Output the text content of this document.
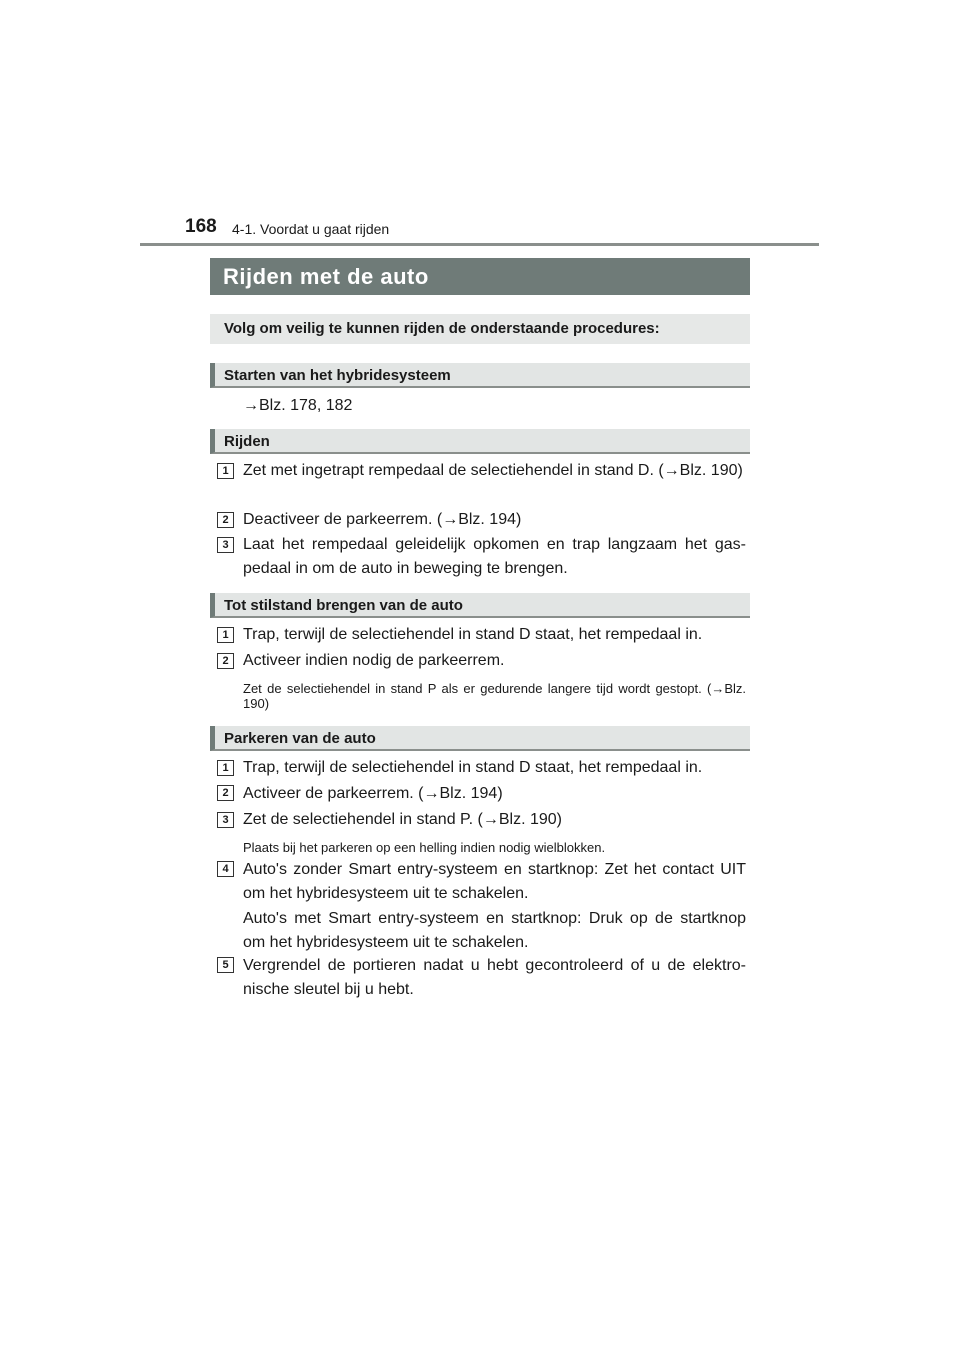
168 4-1. Voordat u gaat rijden
Rijden met de auto
Volg om veilig te kunnen rijden de onderstaande procedures:
Starten van het hybridesysteem
→Blz. 178, 182
Rijden
1 Zet met ingetrapt rempedaal de selectiehendel in stand D. (→Blz. 190)
2 Deactiveer de parkeerrem. (→Blz. 194)
3 Laat het rempedaal geleidelijk opkomen en trap langzaam het gas-pedaal in om de auto in beweging te brengen.
Tot stilstand brengen van de auto
1 Trap, terwijl de selectiehendel in stand D staat, het rempedaal in.
2 Activeer indien nodig de parkeerrem.
Zet de selectiehendel in stand P als er gedurende langere tijd wordt gestopt. (→Blz. 190)
Parkeren van de auto
1 Trap, terwijl de selectiehendel in stand D staat, het rempedaal in.
2 Activeer de parkeerrem. (→Blz. 194)
3 Zet de selectiehendel in stand P. (→Blz. 190)
Plaats bij het parkeren op een helling indien nodig wielblokken.
4 Auto's zonder Smart entry-systeem en startknop: Zet het contact UIT om het hybridesysteem uit te schakelen.
Auto's met Smart entry-systeem en startknop: Druk op de startknop om het hybridesysteem uit te schakelen.
5 Vergrendel de portieren nadat u hebt gecontroleerd of u de elektro-nische sleutel bij u hebt.
